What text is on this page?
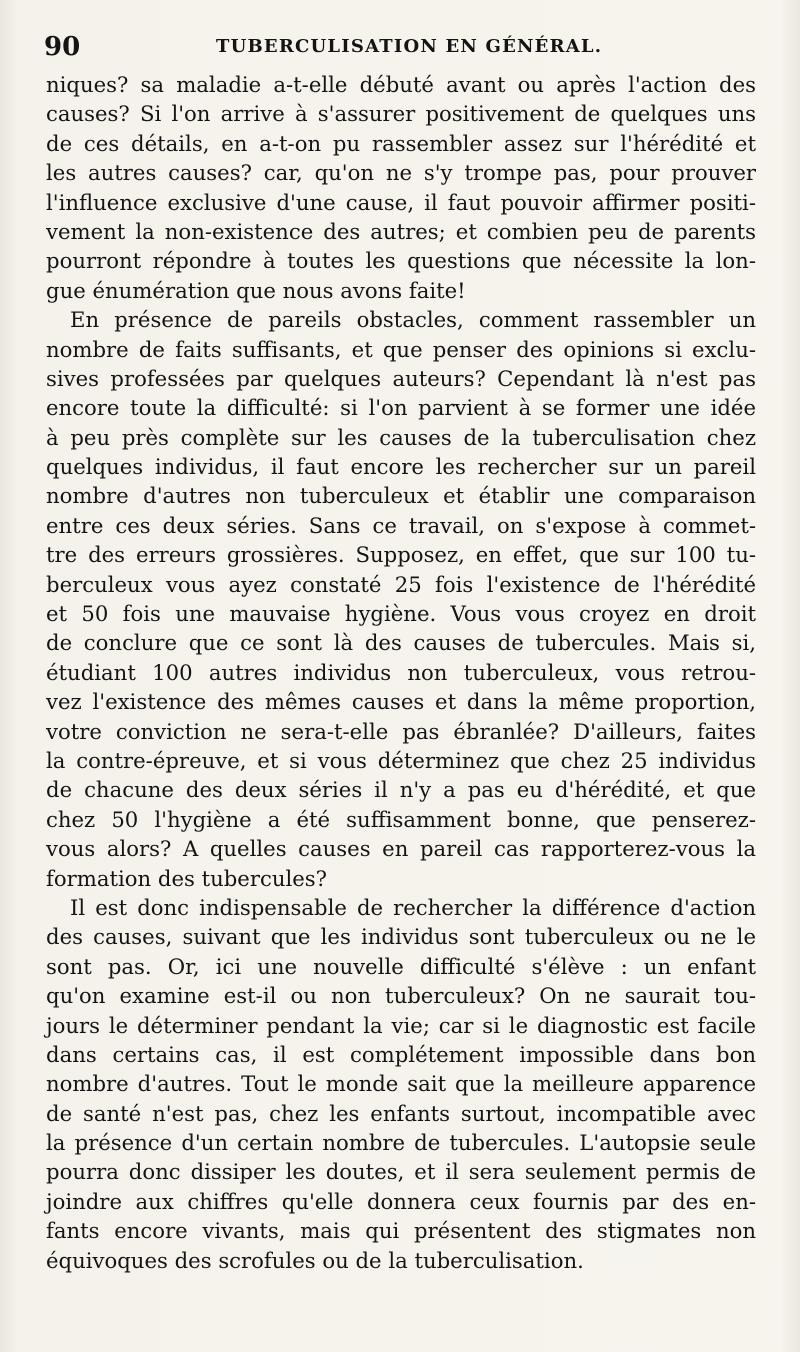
90	TUBERCULISATION EN GÉNÉRAL.
niques? sa maladie a-t-elle débuté avant ou après l'action des
causes? Si l'on arrive à s'assurer positivement de quelques uns
de ces détails, en a-t-on pu rassembler assez sur l'hérédité et
les autres causes? car, qu'on ne s'y trompe pas, pour prouver
l'influence exclusive d'une cause, il faut pouvoir affirmer positi-
vement la non-existence des autres; et combien peu de parents
pourront répondre à toutes les questions que nécessite la lon-
gue énumération que nous avons faite!
En présence de pareils obstacles, comment rassembler un
nombre de faits suffisants, et que penser des opinions si exclu-
sives professées par quelques auteurs? Cependant là n'est pas
encore toute la difficulté: si l'on parvient à se former une idée
à peu près complète sur les causes de la tuberculisation chez
quelques individus, il faut encore les rechercher sur un pareil
nombre d'autres non tuberculeux et établir une comparaison
entre ces deux séries. Sans ce travail, on s'expose à commet-
tre des erreurs grossières. Supposez, en effet, que sur 100 tu-
berculeux vous ayez constaté 25 fois l'existence de l'hérédité
et 50 fois une mauvaise hygiène. Vous vous croyez en droit
de conclure que ce sont là des causes de tubercules. Mais si,
étudiant 100 autres individus non tuberculeux, vous retrou-
vez l'existence des mêmes causes et dans la même proportion,
votre conviction ne sera-t-elle pas ébranlée? D'ailleurs, faites
la contre-épreuve, et si vous déterminez que chez 25 individus
de chacune des deux séries il n'y a pas eu d'hérédité, et que
chez 50 l'hygiène a été suffisamment bonne, que penserez-
vous alors? A quelles causes en pareil cas rapporterez-vous la
formation des tubercules?
Il est donc indispensable de rechercher la différence d'action
des causes, suivant que les individus sont tuberculeux ou ne le
sont pas. Or, ici une nouvelle difficulté s'élève : un enfant
qu'on examine est-il ou non tuberculeux? On ne saurait tou-
jours le déterminer pendant la vie; car si le diagnostic est facile
dans certains cas, il est complétement impossible dans bon
nombre d'autres. Tout le monde sait que la meilleure apparence
de santé n'est pas, chez les enfants surtout, incompatible avec
la présence d'un certain nombre de tubercules. L'autopsie seule
pourra donc dissiper les doutes, et il sera seulement permis de
joindre aux chiffres qu'elle donnera ceux fournis par des en-
fants encore vivants, mais qui présentent des stigmates non
équivoques des scrofules ou de la tuberculisation.
